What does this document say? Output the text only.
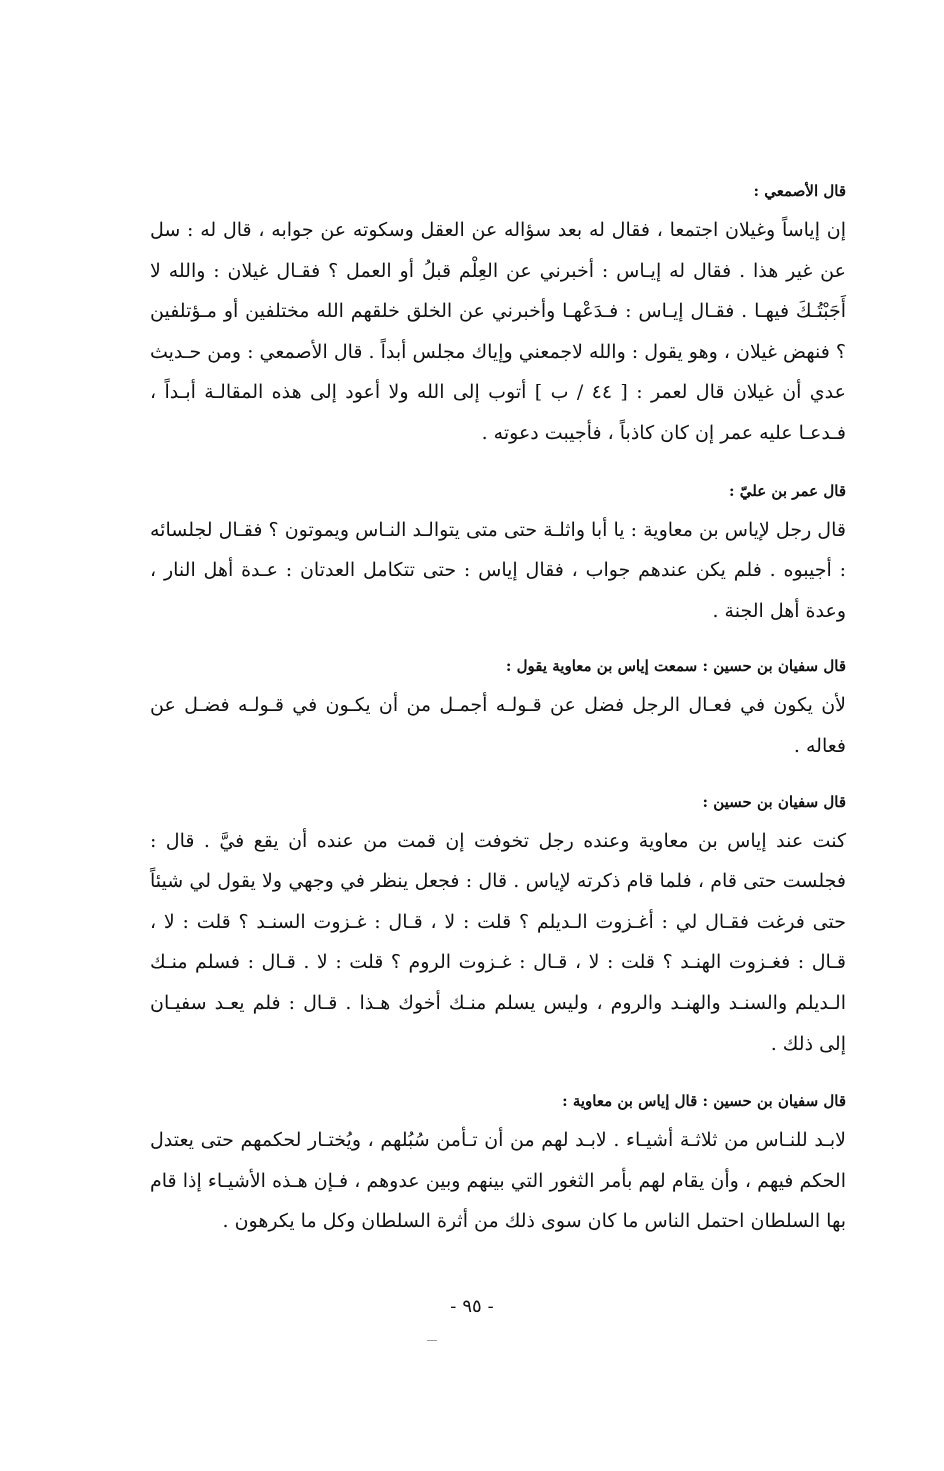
قال الأصمعي :

إن إياساً وغيلان اجتمعا ، فقال له بعد سؤاله عن العقل وسكوته عن جوابه ، قال له : سل عن غير هذا . فقال له إيـاس : أخبرني عن العِلْم قبلُ أو العمل ؟ فقـال غيلان : والله لا أَجَبْتُـكَ فيهـا . فقـال إيـاس : فـدَعْهـا وأخبرني عن الخلق خلقهم الله مختلفين أو مـؤتلفين ؟ فنهض غيلان ، وهو يقول : والله لاجمعني وإياك مجلس أبداً . قال الأصمعي : ومن حـديث عدي أن غيلان قال لعمر : [ ٤٤ / ب ] أتوب إلى الله ولا أعود إلى هذه المقالـة أبـداً ، فـدعـا عليه عمر إن كان كاذباً ، فأجيبت دعوته .

قال عمر بن عليّ :

قال رجل لإياس بن معاوية : يا أبا واثلـة حتى متى يتوالـد النـاس ويموتون ؟ فقـال لجلسائه : أجيبوه . فلم يكن عندهم جواب ، فقال إياس : حتى تتكامل العدتان : عـدة أهل النار ، وعدة أهل الجنة .

قال سفيان بن حسين : سمعت إياس بن معاوية يقول :

لأن يكون في فعـال الرجل فضل عن قـولـه أجمـل من أن يكـون في قـولـه فضـل عن فعاله .

قال سفيان بن حسين :

كنت عند إياس بن معاوية وعنده رجل تخوفت إن قمت من عنده أن يقع فيَّ . قال : فجلست حتى قام ، فلما قام ذكرته لإياس . قال : فجعل ينظر في وجهي ولا يقول لي شيئاً حتى فرغت فقـال لي : أغـزوت الـديلم ؟ قلت : لا ، قـال : غـزوت السنـد ؟ قلت : لا ، قـال : فغـزوت الهنـد ؟ قلت : لا ، قـال : غـزوت الروم ؟ قلت : لا . قـال : فسلم منـك الـديلم والسنـد والهنـد والروم ، وليس يسلم منـك أخوك هـذا . قـال : فلم يعـد سفيـان إلى ذلك .

قال سفيان بن حسين : قال إياس بن معاوية :

لابـد للنـاس من ثلاثـة أشيـاء . لابـد لهم من أن تـأمن سُبُلهم ، ويُختـار لحكمهم حتى يعتدل الحكم فيهم ، وأن يقام لهم بأمر الثغور التي بينهم وبين عدوهم ، فـإن هـذه الأشيـاء إذا قام بها السلطان احتمل الناس ما كان سوى ذلك من أثرة السلطان وكل ما يكرهون .

-٩٥-
